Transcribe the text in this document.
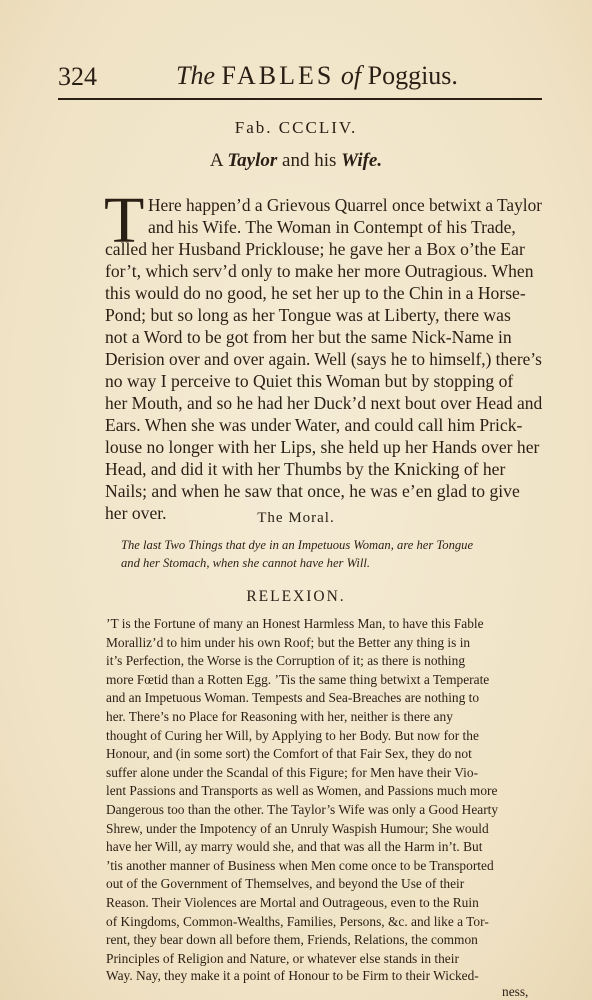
324	The FABLES of Poggius.
Fab. CCCLIV.
A Taylor and his Wife.
T Here happen’d a Grievous Quarrel once betwixt a Taylor
and his Wife. The Woman in Contempt of his Trade,
called her Husband Pricklouse; he gave her a Box o’the Ear
for’t, which serv’d only to make her more Outragious. When
this would do no good, he set her up to the Chin in a Horse-
Pond; but so long as her Tongue was at Liberty, there was
not a Word to be got from her but the same Nick-Name in
Derision over and over again. Well (says he to himself,) there’s
no way I perceive to Quiet this Woman but by stopping of
her Mouth, and so he had her Duck’d next bout over Head and
Ears. When she was under Water, and could call him Prick-
louse no longer with her Lips, she held up her Hands over her
Head, and did it with her Thumbs by the Knicking of her
Nails; and when he saw that once, he was e’en glad to give
her over.	The Moral.
The last Two Things that dye in an Impetuous Woman, are her Tongue
and her Stomach, when she cannot have her Will.
RELEXION.
’T is the Fortune of many an Honest Harmless Man, to have this Fable
Moralliz’d to him under his own Roof; but the Better any thing is in
it’s Perfection, the Worse is the Corruption of it; as there is nothing
more Fœtid than a Rotten Egg. ’Tis the same thing betwixt a Temperate
and an Impetuous Woman. Tempests and Sea-Breaches are nothing to
her. There’s no Place for Reasoning with her, neither is there any
thought of Curing her Will, by Applying to her Body. But now for the
Honour, and (in some sort) the Comfort of that Fair Sex, they do not
suffer alone under the Scandal of this Figure; for Men have their Vio-
lent Passions and Transports as well as Women, and Passions much more
Dangerous too than the other. The Taylor’s Wife was only a Good Hearty
Shrew, under the Impotency of an Unruly Waspish Humour; She would
have her Will, ay marry would she, and that was all the Harm in’t. But
’tis another manner of Business when Men come once to be Transported
out of the Government of Themselves, and beyond the Use of their
Reason. Their Violences are Mortal and Outrageous, even to the Ruin
of Kingdoms, Common-Wealths, Families, Persons, &c. and like a Tor-
rent, they bear down all before them, Friends, Relations, the common
Principles of Religion and Nature, or whatever else stands in their
Way. Nay, they make it a point of Honour to be Firm to their Wicked-
ness,
